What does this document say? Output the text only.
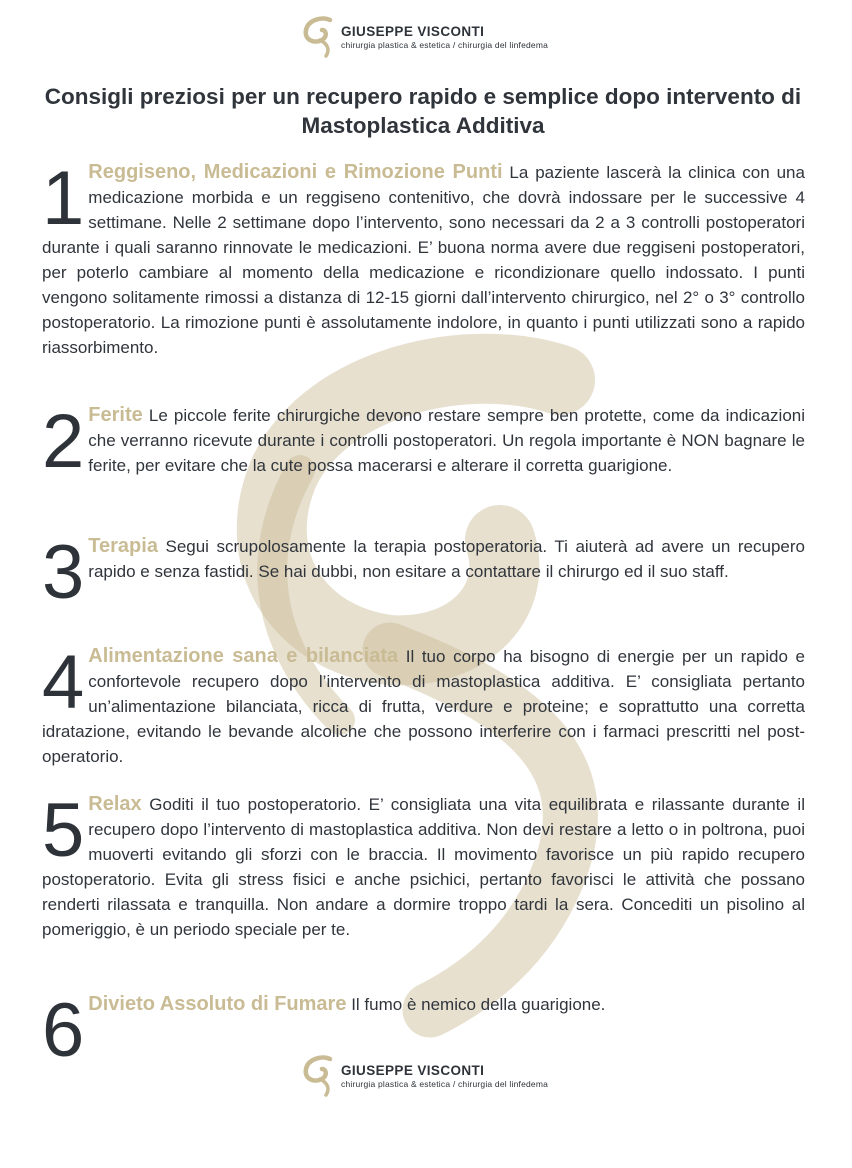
GIUSEPPE VISCONTI
chirurgia plastica & estetica / chirurgia del linfedema
Consigli preziosi per un recupero rapido e semplice dopo intervento di Mastoplastica Additiva

1 Reggiseno, Medicazioni e Rimozione Punti La paziente lascerà la clinica con una medicazione morbida e un reggiseno contenitivo, che dovrà indossare per le successive 4 settimane. Nelle 2 settimane dopo l’intervento, sono necessari da 2 a 3 controlli postoperatori durante i quali saranno rinnovate le medicazioni. E’ buona norma avere due reggiseni postoperatori, per poterlo cambiare al momento della medicazione e ricondizionare quello indossato. I punti vengono solitamente rimossi a distanza di 12-15 giorni dall’intervento chirurgico, nel 2° o 3° controllo postoperatorio. La rimozione punti è assolutamente indolore, in quanto i punti utilizzati sono a rapido riassorbimento.

2 Ferite Le piccole ferite chirurgiche devono restare sempre ben protette, come da indicazioni che verranno ricevute durante i controlli postoperatori. Un regola importante è NON bagnare le ferite, per evitare che la cute possa macerarsi e alterare il corretta guarigione.

3 Terapia Segui scrupolosamente la terapia postoperatoria. Ti aiuterà ad avere un recupero rapido e senza fastidi. Se hai dubbi, non esitare a contattare il chirurgo ed il suo staff.

4 Alimentazione sana e bilanciata Il tuo corpo ha bisogno di energie per un rapido e confortevole recupero dopo l’intervento di mastoplastica additiva. E’ consigliata pertanto un’alimentazione bilanciata, ricca di frutta, verdure e proteine; e soprattutto una corretta idratazione, evitando le bevande alcoliche che possono interferire con i farmaci prescritti nel post-operatorio.

5 Relax Goditi il tuo postoperatorio. E’ consigliata una vita equilibrata e rilassante durante il recupero dopo l’intervento di mastoplastica additiva. Non devi restare a letto o in poltrona, puoi muoverti evitando gli sforzi con le braccia. Il movimento favorisce un più rapido recupero postoperatorio. Evita gli stress fisici e anche psichici, pertanto favorisci le attività che possano renderti rilassata e tranquilla. Non andare a dormire troppo tardi la sera. Concediti un pisolino al pomeriggio, è un periodo speciale per te.

6 Divieto Assoluto di Fumare Il fumo è nemico della guarigione.

GIUSEPPE VISCONTI
chirurgia plastica & estetica / chirurgia del linfedema
